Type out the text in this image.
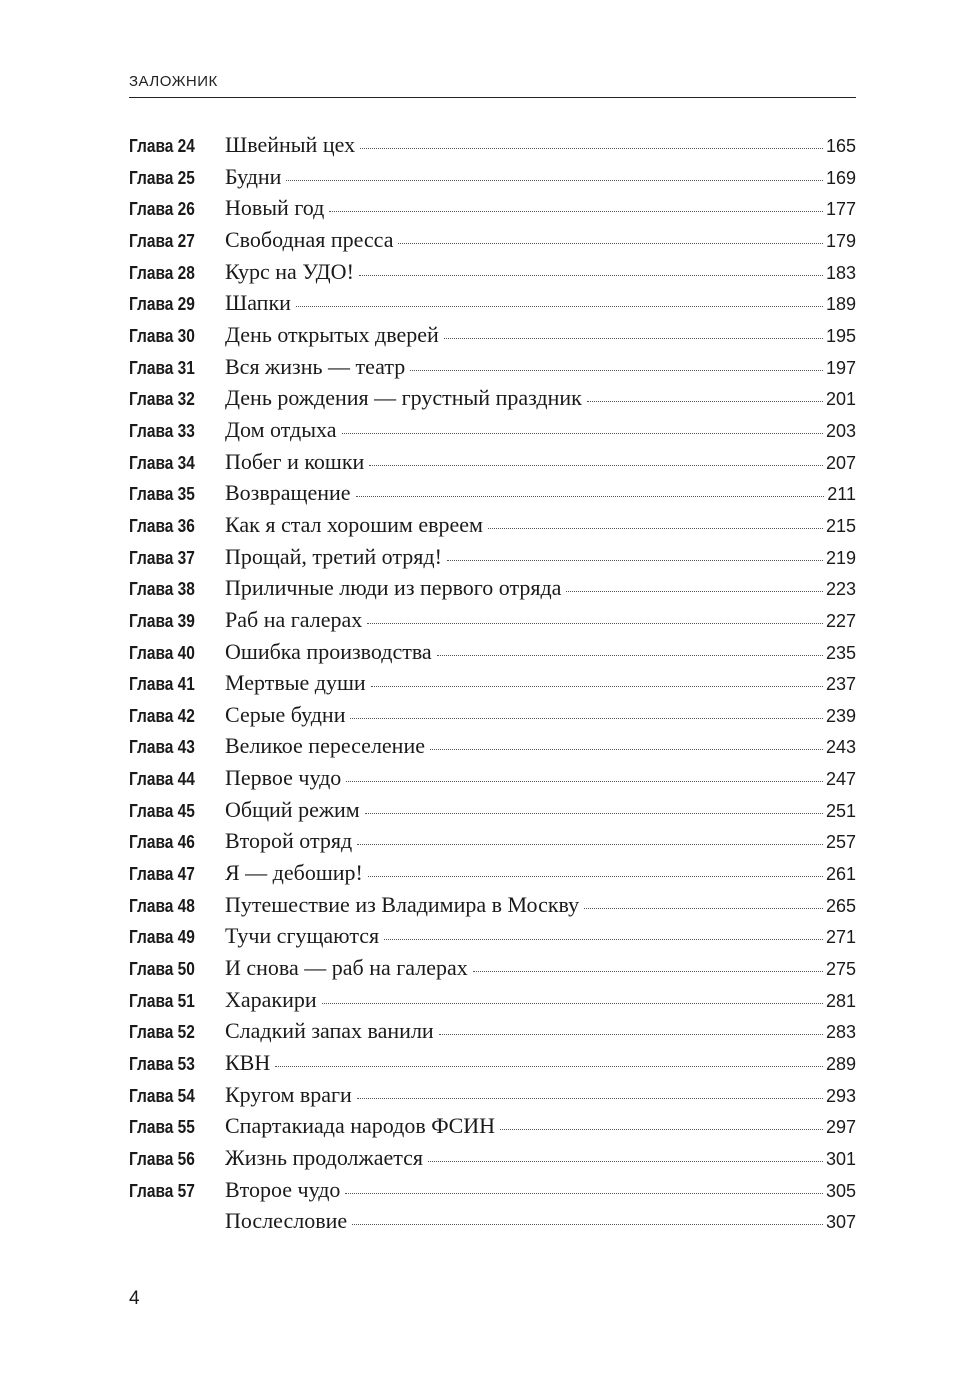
ЗАЛОЖНИК
Глава 24	Швейный цех	165
Глава 25	Будни	169
Глава 26	Новый год	177
Глава 27	Свободная пресса	179
Глава 28	Курс на УДО!	183
Глава 29	Шапки	189
Глава 30	День открытых дверей	195
Глава 31	Вся жизнь — театр	197
Глава 32	День рождения — грустный праздник	201
Глава 33	Дом отдыха	203
Глава 34	Побег и кошки	207
Глава 35	Возвращение	211
Глава 36	Как я стал хорошим евреем	215
Глава 37	Прощай, третий отряд!	219
Глава 38	Приличные люди из первого отряда	223
Глава 39	Раб на галерах	227
Глава 40	Ошибка производства	235
Глава 41	Мертвые души	237
Глава 42	Серые будни	239
Глава 43	Великое переселение	243
Глава 44	Первое чудо	247
Глава 45	Общий режим	251
Глава 46	Второй отряд	257
Глава 47	Я — дебошир!	261
Глава 48	Путешествие из Владимира в Москву	265
Глава 49	Тучи сгущаются	271
Глава 50	И снова — раб на галерах	275
Глава 51	Харакири	281
Глава 52	Сладкий запах ванили	283
Глава 53	КВН	289
Глава 54	Кругом враги	293
Глава 55	Спартакиада народов ФСИН	297
Глава 56	Жизнь продолжается	301
Глава 57	Второе чудо	305
Послесловие	307
4
